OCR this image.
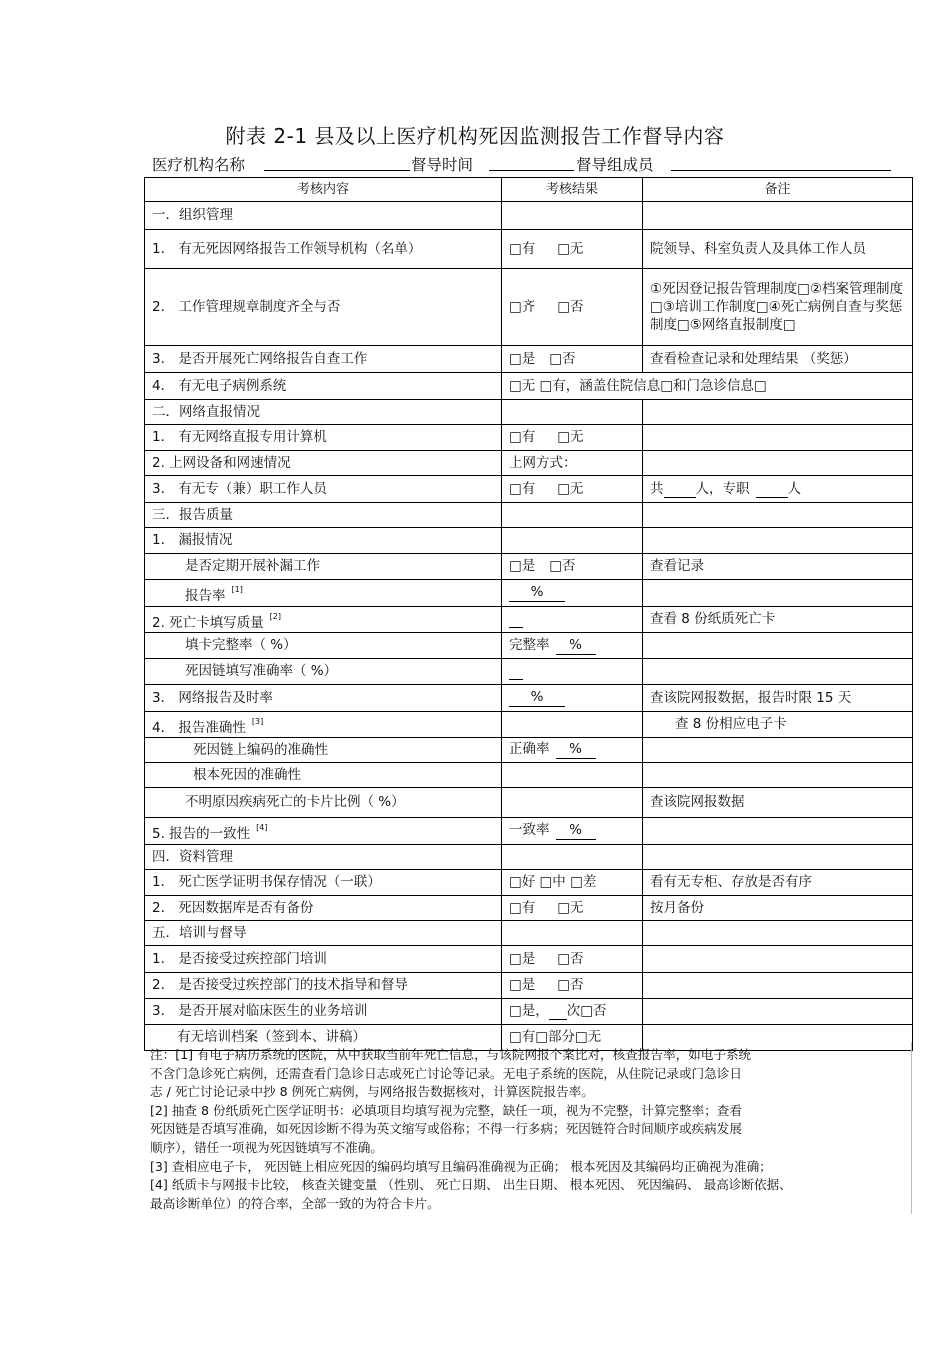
附表 2-1 县及以上医疗机构死因监测报告工作督导内容
医疗机构名称	督导时间	督导组成员
考核内容	考核结果	备注
一．组织管理		
1． 有无死因网络报告工作领导机构（名单）	□有 □无	院领导、科室负责人及具体工作人员
2． 工作管理规章制度齐全与否	□齐 □否	①死因登记报告管理制度□②档案管理制度□③培训工作制度□④死亡病例自查与奖惩制度□⑤网络直报制度□
3． 是否开展死亡网络报告自查工作	□是 □否	查看检查记录和处理结果 （奖惩）
4． 有无电子病例系统	□无 □有，涵盖住院信息□和门急诊信息□	
二．网络直报情况		
1． 有无网络直报专用计算机	□有 □无	
2. 上网设备和网速情况	上网方式：	
3． 有无专（兼）职工作人员	□有 □无	共 人，专职 人
三．报告质量		
1． 漏报情况		
是否定期开展补漏工作	□是 □否	查看记录
报告率 [1]	%	
2. 死亡卡填写质量 [2]		查看 8 份纸质死亡卡
填卡完整率（ %）	完整率 %	
死因链填写准确率（ %）		
3． 网络报告及时率	%	查该院网报数据，报告时限 15 天
4． 报告准确性 [3]		查 8 份相应电子卡
死因链上编码的准确性	正确率 %	
根本死因的准确性		
不明原因疾病死亡的卡片比例（ %）		查该院网报数据
5. 报告的一致性 [4]	一致率 %	
四．资料管理		
1． 死亡医学证明书保存情况（一联）	□好 □中 □差	看有无专柜、存放是否有序
2． 死因数据库是否有备份	□有 □无	按月备份
五．培训与督导		
1． 是否接受过疾控部门培训	□是 □否	
2． 是否接受过疾控部门的技术指导和督导	□是 □否	
3． 是否开展对临床医生的业务培训	□是， 次□否	
有无培训档案（签到本、讲稿）	□有□部分□无	

注：[1] 有电子病历系统的医院，从中获取当前年死亡信息，与该院网报个案比对，核查报告率，如电子系统

不含门急诊死亡病例，还需查看门急诊日志或死亡讨论等记录。无电子系统的医院，从住院记录或门急诊日

志 / 死亡讨论记录中抄 8 例死亡病例，与网络报告数据核对，计算医院报告率。

[2] 抽查 8 份纸质死亡医学证明书：必填项目均填写视为完整，缺任一项，视为不完整，计算完整率；查看

死因链是否填写准确，如死因诊断不得为英文缩写或俗称；不得一行多病；死因链符合时间顺序或疾病发展

顺序），错任一项视为死因链填写不准确。

[3] 查相应电子卡， 死因链上相应死因的编码均填写且编码准确视为正确； 根本死因及其编码均正确视为准确；

[4] 纸质卡与网报卡比较， 核查关键变量 （性别、 死亡日期、 出生日期、 根本死因、 死因编码、 最高诊断依据、

最高诊断单位）的符合率，全部一致的为符合卡片。
